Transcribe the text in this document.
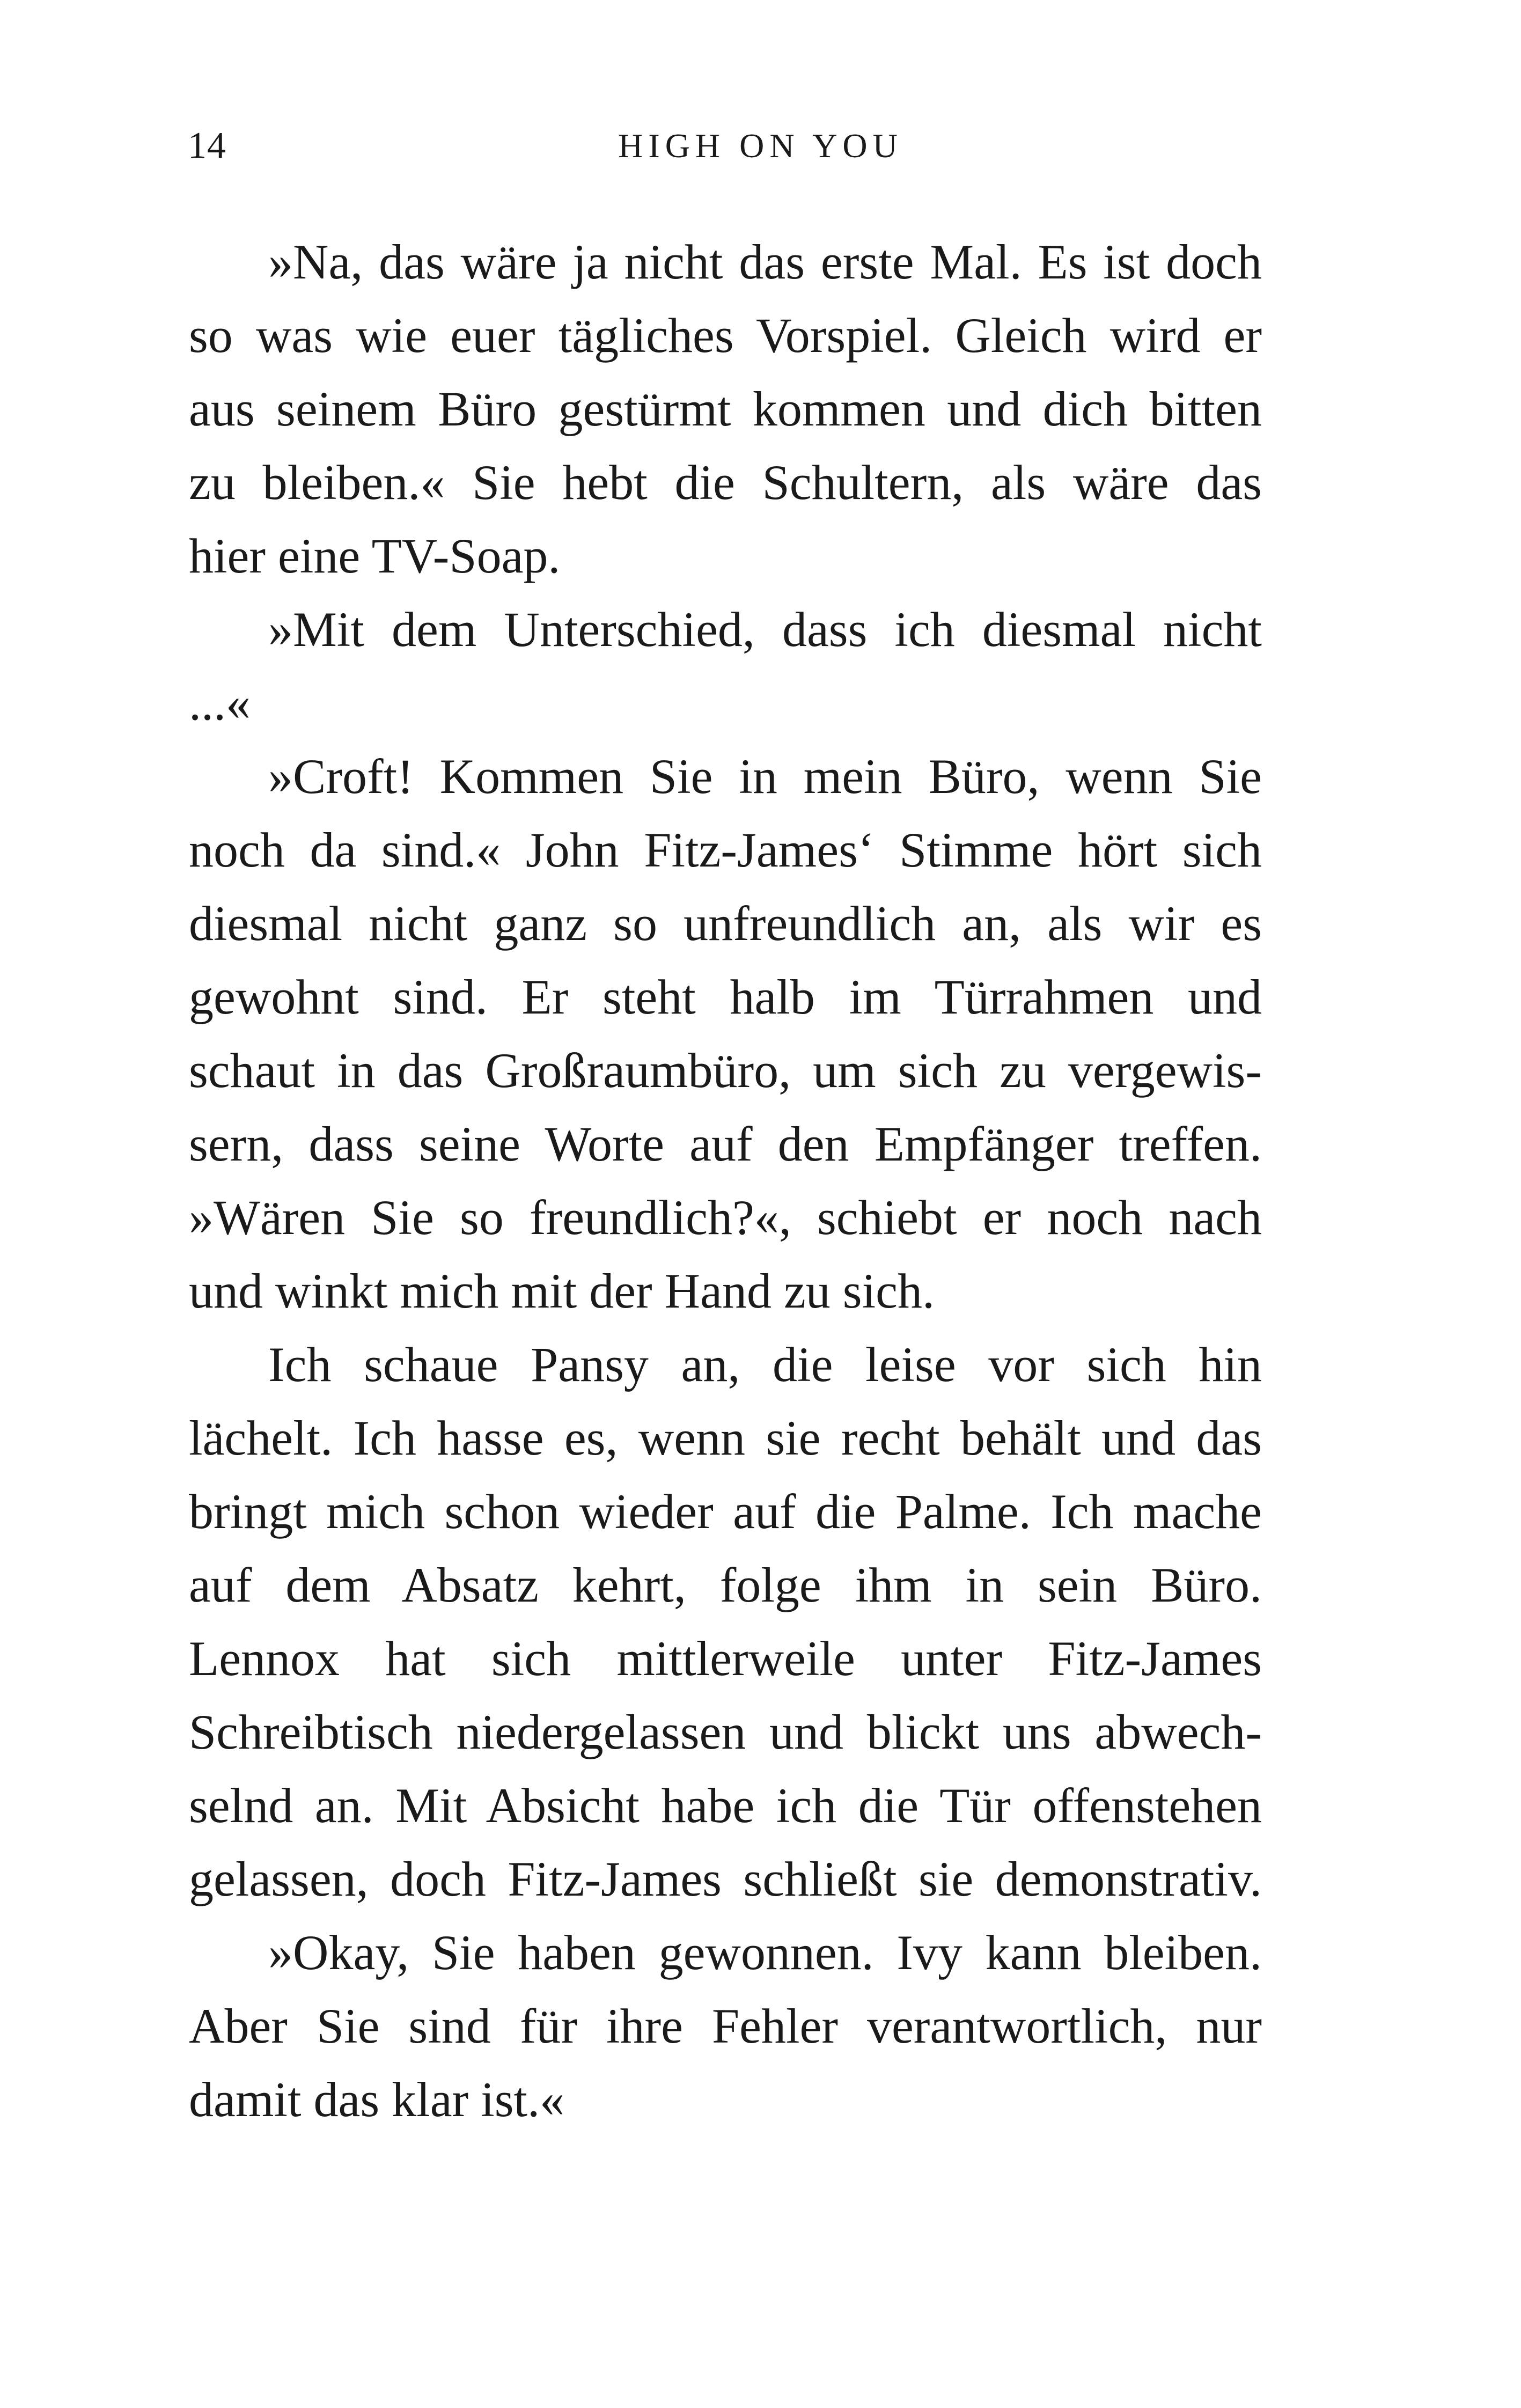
14	HIGH ON YOU
»Na, das wäre ja nicht das erste Mal. Es ist doch
so was wie euer tägliches Vorspiel. Gleich wird er
aus seinem Büro gestürmt kommen und dich bitten
zu bleiben.« Sie hebt die Schultern, als wäre das
hier eine TV-Soap.
»Mit dem Unterschied, dass ich diesmal nicht
...«
»Croft! Kommen Sie in mein Büro, wenn Sie
noch da sind.« John Fitz-James‘ Stimme hört sich
diesmal nicht ganz so unfreundlich an, als wir es
gewohnt sind. Er steht halb im Türrahmen und
schaut in das Großraumbüro, um sich zu vergewis-
sern, dass seine Worte auf den Empfänger treffen.
»Wären Sie so freundlich?«, schiebt er noch nach
und winkt mich mit der Hand zu sich.
Ich schaue Pansy an, die leise vor sich hin
lächelt. Ich hasse es, wenn sie recht behält und das
bringt mich schon wieder auf die Palme. Ich mache
auf dem Absatz kehrt, folge ihm in sein Büro.
Lennox hat sich mittlerweile unter Fitz-James
Schreibtisch niedergelassen und blickt uns abwech-
selnd an. Mit Absicht habe ich die Tür offenstehen
gelassen, doch Fitz-James schließt sie demonstrativ.
»Okay, Sie haben gewonnen. Ivy kann bleiben.
Aber Sie sind für ihre Fehler verantwortlich, nur
damit das klar ist.«
